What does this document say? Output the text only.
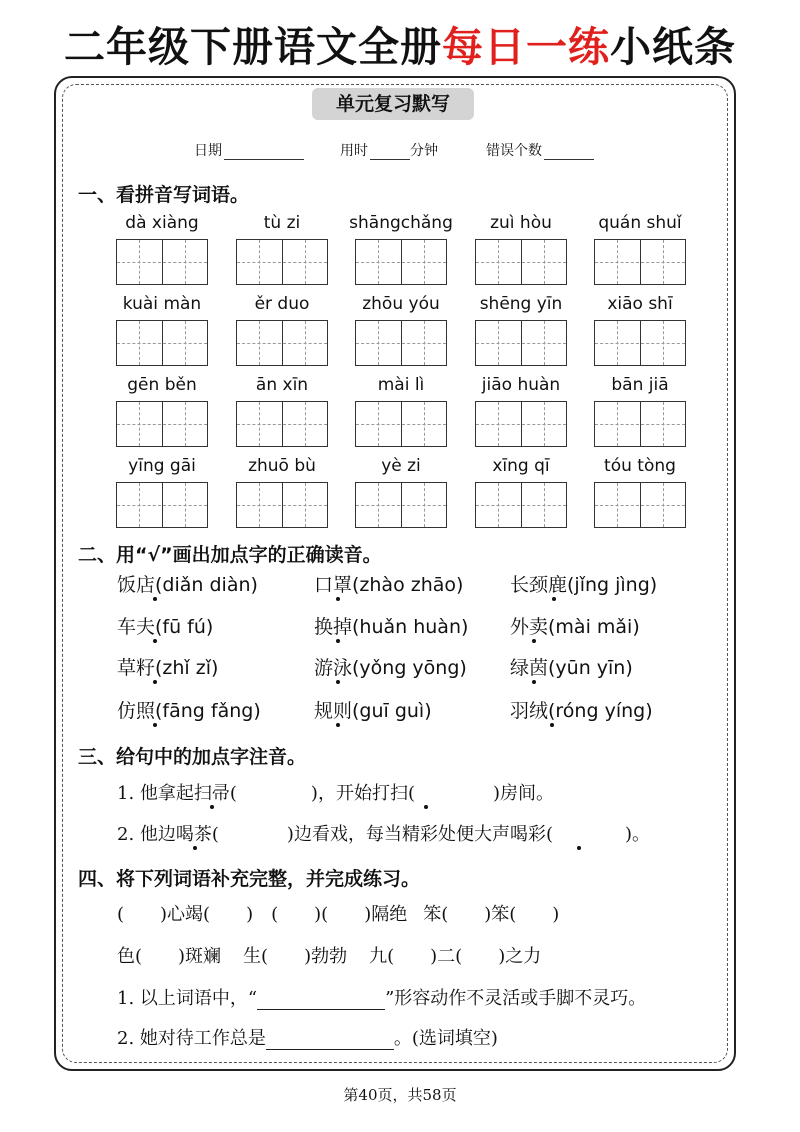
二年级下册语文全册每日一练小纸条
单元复习默写
日期	用时	分钟	错误个数
一、看拼音写词语。
dà xiàng	tù zi	shāngchǎng	zuì hòu	quán shuǐ
kuài màn	ěr duo	zhōu yóu	shēng yīn	xiāo shī
gēn běn	ān xīn	mài lì	jiāo huàn	bān jiā
yīng gāi	zhuō bù	yè zi	xīng qī	tóu tòng
二、用“√”画出加点字的正确读音。
饭店(diǎn diàn)	口罩(zhào zhāo) 长颈鹿(jǐng jìng)
车夫(fū fú)	换掉(huǎn huàn) 外卖(mài mǎi)
草籽(zhǐ zǐ)	游泳(yǒng yōng) 绿茵(yūn yīn)
仿照(fāng fǎng)	规则(guī guì)	羽绒(róng yíng)
三、给句中的加点字注音。
1. 他拿起扫帚(	)，开始打扫(	)房间。
2. 他边喝茶(	)边看戏，每当精彩处便大声喝彩(	)。
四、将下列词语补充完整，并完成练习。
( )心竭( ) ( )( )隔绝 笨( )笨( )
色( )斑斓 生( )勃勃 九( )二( )之力
1. 以上词语中，“	”形容动作不灵活或手脚不灵巧。
2. 她对待工作总是	。(选词填空)
第40页，共58页
